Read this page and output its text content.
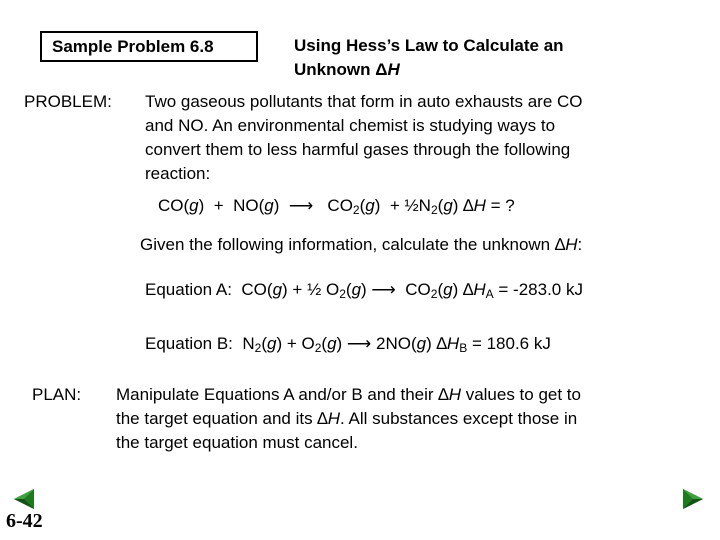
Sample Problem 6.8	Using Hess’s Law to Calculate an
Unknown ΔH
PROBLEM: Two gaseous pollutants that form in auto exhausts are CO
and NO. An environmental chemist is studying ways to
convert them to less harmful gases through the following
reaction:
CO(g)  +  NO(g)  ⟶   $CO_2(g)$  + $\frac{1}{2}N_2(g) \Delta H$ = ?
Given the following information, calculate the unknown ∆H:
Equation A:  CO(g) + ½ $O_2(g)$ ⟶  $CO_2(g) \Delta H_A = -283.0$ kJ
Equation B:  $N_2(g) + O_2(g)$ ⟶ 2NO(g) $\Delta H_B = 180.6$ kJ
PLAN: Manipulate Equations A and/or B and their ∆H values to get to
the target equation and its ∆H. All substances except those in
the target equation must cancel.
6-42
